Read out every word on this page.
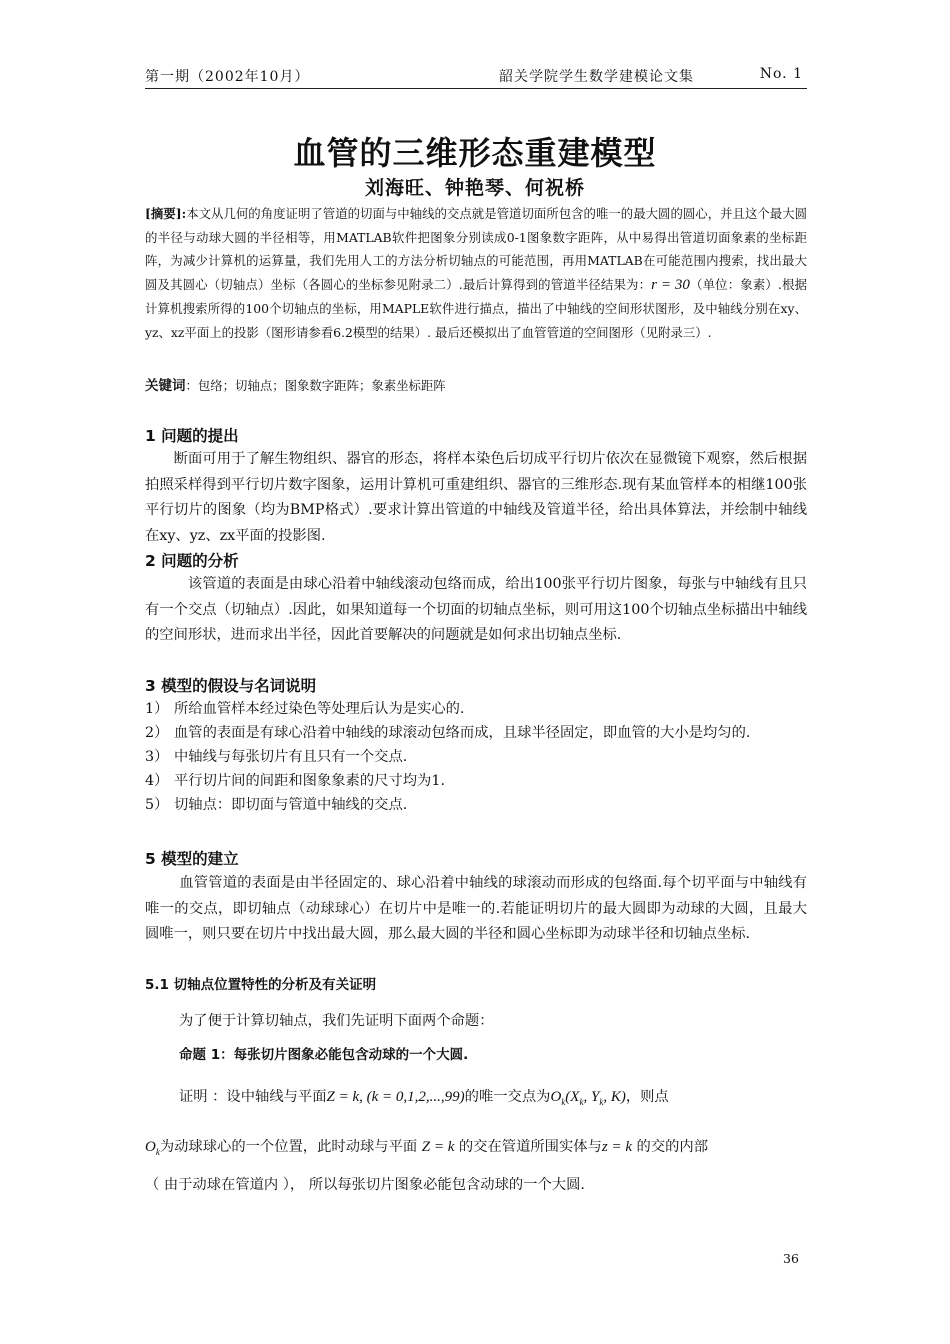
第一期（2002年10月）	韶关学院学生数学建模论文集	No. 1
血管的三维形态重建模型
刘海旺、钟艳琴、何祝桥
[摘要]:本文从几何的角度证明了管道的切面与中轴线的交点就是管道切面所包含的唯一的最大圆的圆心，并且这个最大圆的半径与动球大圆的半径相等，用MATLAB软件把图象分别读成0-1图象数字距阵，从中易得出管道切面象素的坐标距阵，为减少计算机的运算量，我们先用人工的方法分析切轴点的可能范围，再用MATLAB在可能范围内搜索，找出最大圆及其圆心（切轴点）坐标（各圆心的坐标参见附录二）.最后计算得到的管道半径结果为：r = 30（单位：象素）.根据计算机搜索所得的100个切轴点的坐标，用MAPLE软件进行描点，描出了中轴线的空间形状图形，及中轴线分别在xy、yz、xz平面上的投影（图形请参看6.2模型的结果）. 最后还模拟出了血管管道的空间图形（见附录三）.
关键词：包络；切轴点；图象数字距阵；象素坐标距阵
1 问题的提出
断面可用于了解生物组织、器官的形态，将样本染色后切成平行切片依次在显微镜下观察，然后根据拍照采样得到平行切片数字图象，运用计算机可重建组织、器官的三维形态.现有某血管样本的相继100张平行切片的图象（均为BMP格式）.要求计算出管道的中轴线及管道半径，给出具体算法，并绘制中轴线在xy、yz、zx平面的投影图.
2 问题的分析
该管道的表面是由球心沿着中轴线滚动包络而成，给出100张平行切片图象，每张与中轴线有且只有一个交点（切轴点）.因此，如果知道每一个切面的切轴点坐标，则可用这100个切轴点坐标描出中轴线的空间形状，进而求出半径，因此首要解决的问题就是如何求出切轴点坐标.
3 模型的假设与名词说明
1） 所给血管样本经过染色等处理后认为是实心的.
2） 血管的表面是有球心沿着中轴线的球滚动包络而成，且球半径固定，即血管的大小是均匀的.
3） 中轴线与每张切片有且只有一个交点.
4） 平行切片间的间距和图象象素的尺寸均为1.
5） 切轴点：即切面与管道中轴线的交点.
5 模型的建立
血管管道的表面是由半径固定的、球心沿着中轴线的球滚动而形成的包络面.每个切平面与中轴线有唯一的交点，即切轴点（动球球心）在切片中是唯一的.若能证明切片的最大圆即为动球的大圆，且最大圆唯一，则只要在切片中找出最大圆，那么最大圆的半径和圆心坐标即为动球半径和切轴点坐标.
5.1 切轴点位置特性的分析及有关证明
为了便于计算切轴点，我们先证明下面两个命题：
命题 1：每张切片图象必能包含动球的一个大圆.
证明 ：设中轴线与平面Z = k, (k = 0,1,2,...,99)的唯一交点为$O_k(X_k$, $Y_k$, K)，则点
$O_k$为动球球心的一个位置，此时动球与平面 Z = k 的交在管道所围实体与z = k 的交的内部
（ 由于动球在管道内 ）， 所以每张切片图象必能包含动球的一个大圆.
36
